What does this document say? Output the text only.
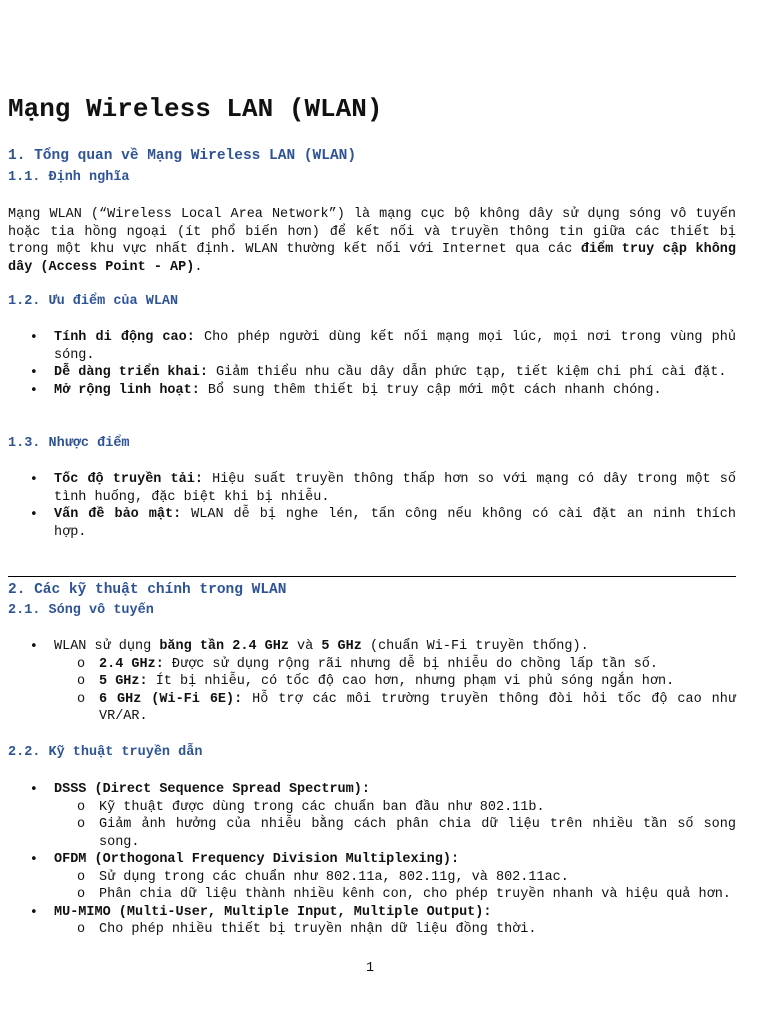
Mạng Wireless LAN (WLAN)
1. Tổng quan về Mạng Wireless LAN (WLAN)
1.1. Định nghĩa

Mạng WLAN (“Wireless Local Area Network”) là mạng cục bộ không dây sử dụng sóng vô tuyến hoặc tia hồng ngoại (ít phổ biến hơn) để kết nối và truyền thông tin giữa các thiết bị trong một khu vực nhất định. WLAN thường kết nối với Internet qua các điểm truy cập không dây (Access Point - AP).

1.2. Ưu điểm của WLAN
• Tính di động cao: Cho phép người dùng kết nối mạng mọi lúc, mọi nơi trong vùng phủ sóng.
• Dễ dàng triển khai: Giảm thiểu nhu cầu dây dẫn phức tạp, tiết kiệm chi phí cài đặt.
• Mở rộng linh hoạt: Bổ sung thêm thiết bị truy cập mới một cách nhanh chóng.
1.3. Nhược điểm
• Tốc độ truyền tải: Hiệu suất truyền thông thấp hơn so với mạng có dây trong một số tình huống, đặc biệt khi bị nhiễu.
• Vấn đề bảo mật: WLAN dễ bị nghe lén, tấn công nếu không có cài đặt an ninh thích hợp.
2. Các kỹ thuật chính trong WLAN
2.1. Sóng vô tuyến
• WLAN sử dụng băng tần 2.4 GHz và 5 GHz (chuẩn Wi-Fi truyền thống).
o 2.4 GHz: Được sử dụng rộng rãi nhưng dễ bị nhiễu do chồng lấp tần số.
o 5 GHz: Ít bị nhiễu, có tốc độ cao hơn, nhưng phạm vi phủ sóng ngắn hơn.
o 6 GHz (Wi-Fi 6E): Hỗ trợ các môi trường truyền thông đòi hỏi tốc độ cao như VR/AR.
2.2. Kỹ thuật truyền dẫn
• DSSS (Direct Sequence Spread Spectrum):
o Kỹ thuật được dùng trong các chuẩn ban đầu như 802.11b.
o Giảm ảnh hưởng của nhiễu bằng cách phân chia dữ liệu trên nhiều tần số song song.
• OFDM (Orthogonal Frequency Division Multiplexing):
o Sử dụng trong các chuẩn như 802.11a, 802.11g, và 802.11ac.
o Phân chia dữ liệu thành nhiều kênh con, cho phép truyền nhanh và hiệu quả hơn.
• MU-MIMO (Multi-User, Multiple Input, Multiple Output):
o Cho phép nhiều thiết bị truyền nhận dữ liệu đồng thời.
1
